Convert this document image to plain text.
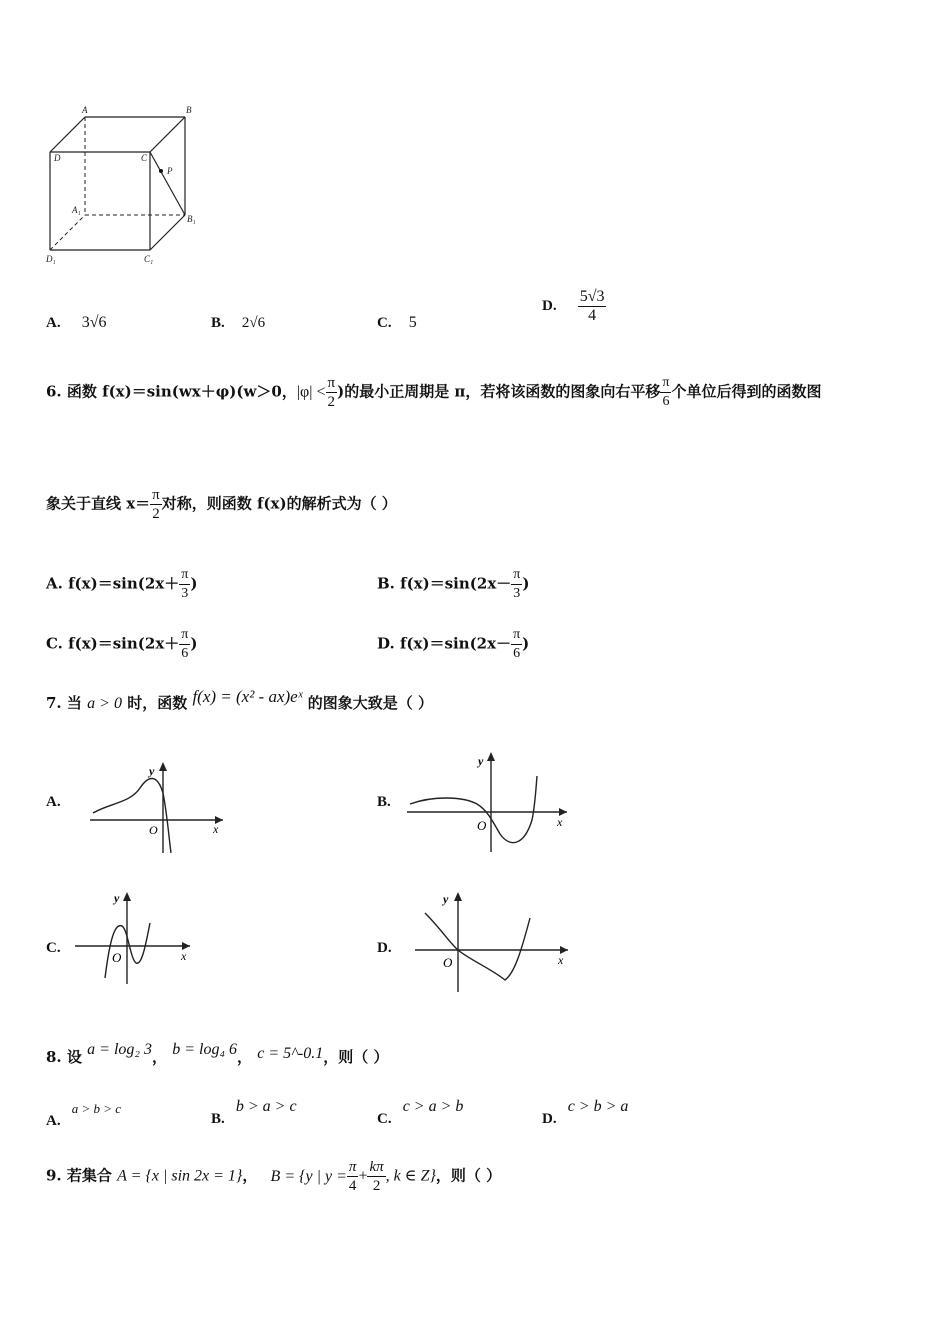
A	B
C
D
A₁
B₁
C₁
D₁
P
A. 3√6	B. 2√6	C. 5
D. $\frac{5√3}{4}$
6. 函数 f(x)＝sin(wx＋φ)(w＞0，$|\varphi| < \frac{\pi}{2}$ )的最小正周期是 π，若将该函数的图象向右平移 $\frac{\pi}{6}$ 个单位后得到的函数图
象关于直线 $x= \frac{\pi}{2}$ 对称，则函数 f(x)的解析式为（ ）
A. $f(x)=\sin(2x+ \frac{\pi}{3}$ )	B. $f(x)=\sin(2x- \frac{\pi}{3}$ )
C. $f(x)=\sin(2x+ \frac{\pi}{6}$ )	D. $f(x)=\sin(2x- \frac{\pi}{6}$ )
7. 当 a > 0 时，函数 f(x) = (x² - ax)eˣ 的图象大致是（ ）
A.
y
O	x
B.
y
O	x
C.
y
O	x	D.
y
O	x
8. 设 a = log₂ 3， b = log₄ 6， c = 5^-0.1，则（ ）
A. a > b > c
B. b > a > c
C. c > a > b
D. c > b > a
9. 若集合 A = {x | sin 2x = 1}， B = {y | $y = \frac{\pi}{4} + \frac{k\pi}{2}$ , k ∈ Z}，则（ ）
